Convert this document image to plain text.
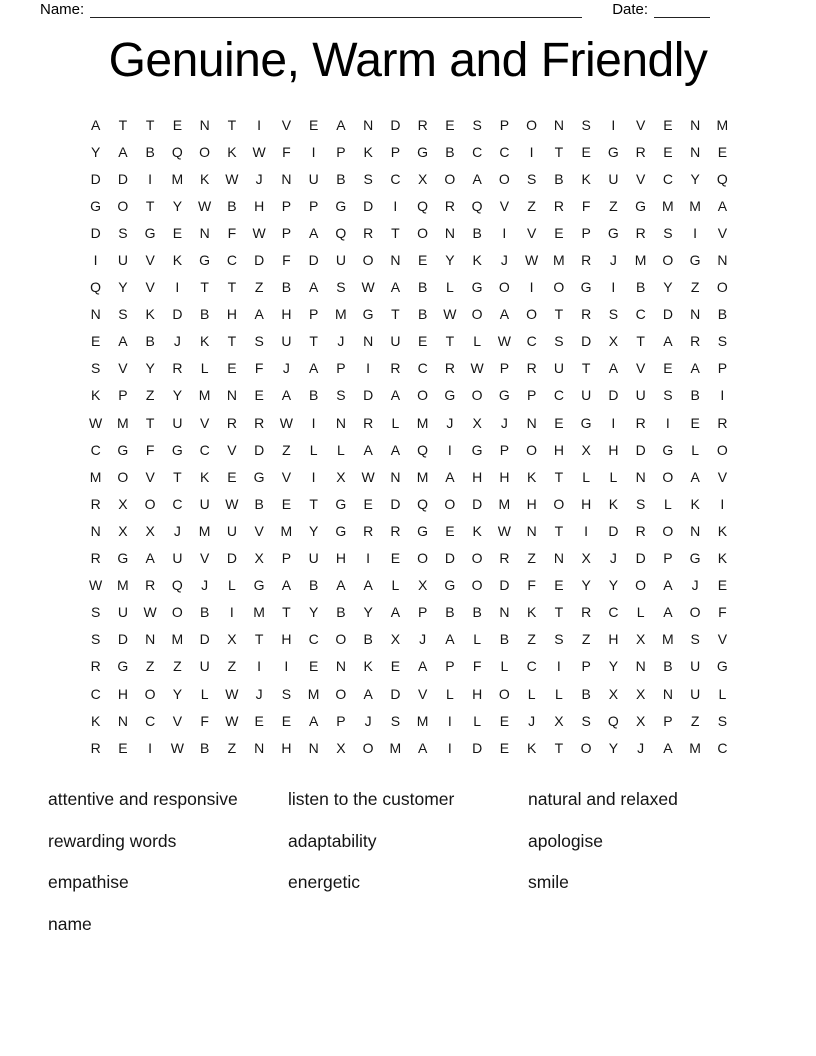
Name:	Date:
Genuine, Warm and Friendly
A	T	T	E	N	T	I	V	E	A	N	D	R	E	S	P	O	N	S	I	V	E	N	M
Y	A	B	Q	O	K	W	F	I	P	K	P	G	B	C	C	I	T	E	G	R	E	N	E
D	D	I	M	K	W	J	N	U	B	S	C	X	O	A	O	S	B	K	U	V	C	Y	Q
G	O	T	Y	W	B	H	P	P	G	D	I	Q	R	Q	V	Z	R	F	Z	G	M	M	A
D	S	G	E	N	F	W	P	A	Q	R	T	O	N	B	I	V	E	P	G	R	S	I	V
I	U	V	K	G	C	D	F	D	U	O	N	E	Y	K	J	W	M	R	J	M	O	G	N
Q	Y	V	I	T	T	Z	B	A	S	W	A	B	L	G	O	I	O	G	I	B	Y	Z	O
N	S	K	D	B	H	A	H	P	M	G	T	B	W	O	A	O	T	R	S	C	D	N	B
E	A	B	J	K	T	S	U	T	J	N	U	E	T	L	W	C	S	D	X	T	A	R	S
S	V	Y	R	L	E	F	J	A	P	I	R	C	R	W	P	R	U	T	A	V	E	A	P
K	P	Z	Y	M	N	E	A	B	S	D	A	O	G	O	G	P	C	U	D	U	S	B	I
W	M	T	U	V	R	R	W	I	N	R	L	M	J	X	J	N	E	G	I	R	I	E	R
C	G	F	G	C	V	D	Z	L	L	A	A	Q	I	G	P	O	H	X	H	D	G	L	O
M	O	V	T	K	E	G	V	I	X	W	N	M	A	H	H	K	T	L	L	N	O	A	V
R	X	O	C	U	W	B	E	T	G	E	D	Q	O	D	M	H	O	H	K	S	L	K	I
N	X	X	J	M	U	V	M	Y	G	R	R	G	E	K	W	N	T	I	D	R	O	N	K
R	G	A	U	V	D	X	P	U	H	I	E	O	D	O	R	Z	N	X	J	D	P	G	K
W	M	R	Q	J	L	G	A	B	A	A	L	X	G	O	D	F	E	Y	Y	O	A	J	E
S	U	W	O	B	I	M	T	Y	B	Y	A	P	B	B	N	K	T	R	C	L	A	O	F
S	D	N	M	D	X	T	H	C	O	B	X	J	A	L	B	Z	S	Z	H	X	M	S	V
R	G	Z	Z	U	Z	I	I	E	N	K	E	A	P	F	L	C	I	P	Y	N	B	U	G
C	H	O	Y	L	W	J	S	M	O	A	D	V	L	H	O	L	L	B	X	X	N	U	L
K	N	C	V	F	W	E	E	A	P	J	S	M	I	L	E	J	X	S	Q	X	P	Z	S
R	E	I	W	B	Z	N	H	N	X	O	M	A	I	D	E	K	T	O	Y	J	A	M	C
attentive and responsive
rewarding words
empathise
name
listen to the customer
adaptability
energetic
natural and relaxed
apologise
smile
